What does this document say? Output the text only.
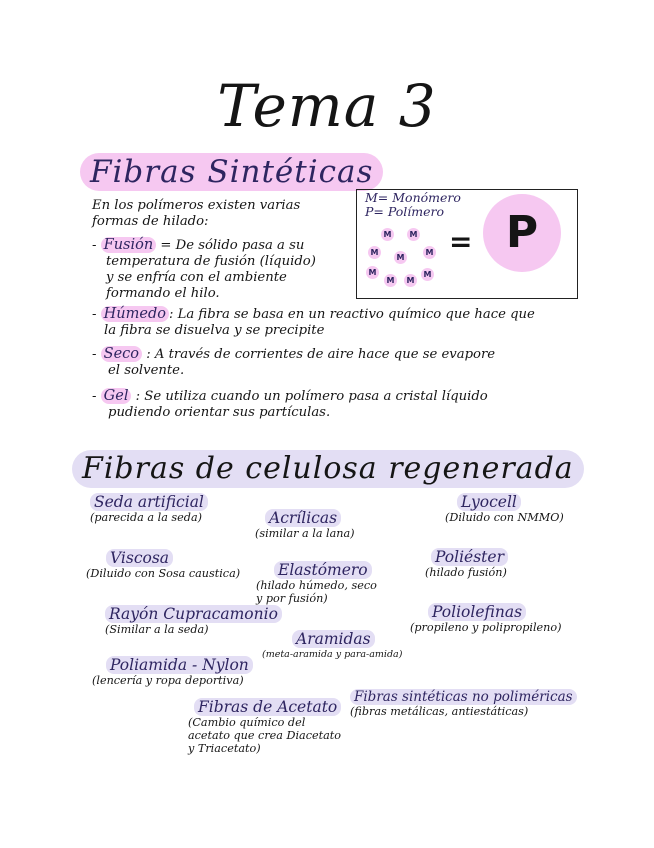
Tema 3
Fibras Sintéticas
En los polímeros existen varias
formas de hilado:
- Fusión = De sólido pasa a su
temperatura de fusión (líquido)
y se enfría con el ambiente
formando el hilo.
- Húmedo : La fibra se basa en un reactivo químico que hace que
la fibra se disuelva y se precipite
- Seco : A través de corrientes de aire hace que se evapore
el solvente.
- Gel : Se utiliza cuando un polímero pasa a cristal líquido
pudiendo orientar sus partículas.
M= Monómero
P= Polímero
M	M
M
M
M
M
M	M
M
= P
Fibras de celulosa regenerada
Seda artificial
(parecida a la seda)	Acrílicas
(similar a la lana)
Lyocell
(Diluido con NMMO)
Viscosa
(Diluido con Sosa caustica)	Elastómero
(hilado húmedo, seco
y por fusión)
Poliéster
(hilado fusión)
Rayón Cupracamonio
(Similar a la seda)
Poliolefinas
(propileno y polipropileno)
Aramidas
(meta-aramida y para-amida)
Poliamida - Nylon
(lencería y ropa deportiva)
Fibras sintéticas no poliméricas
(fibras metálicas, antiestáticas)
Fibras de Acetato
(Cambio químico del
acetato que crea Diacetato
y Triacetato)
